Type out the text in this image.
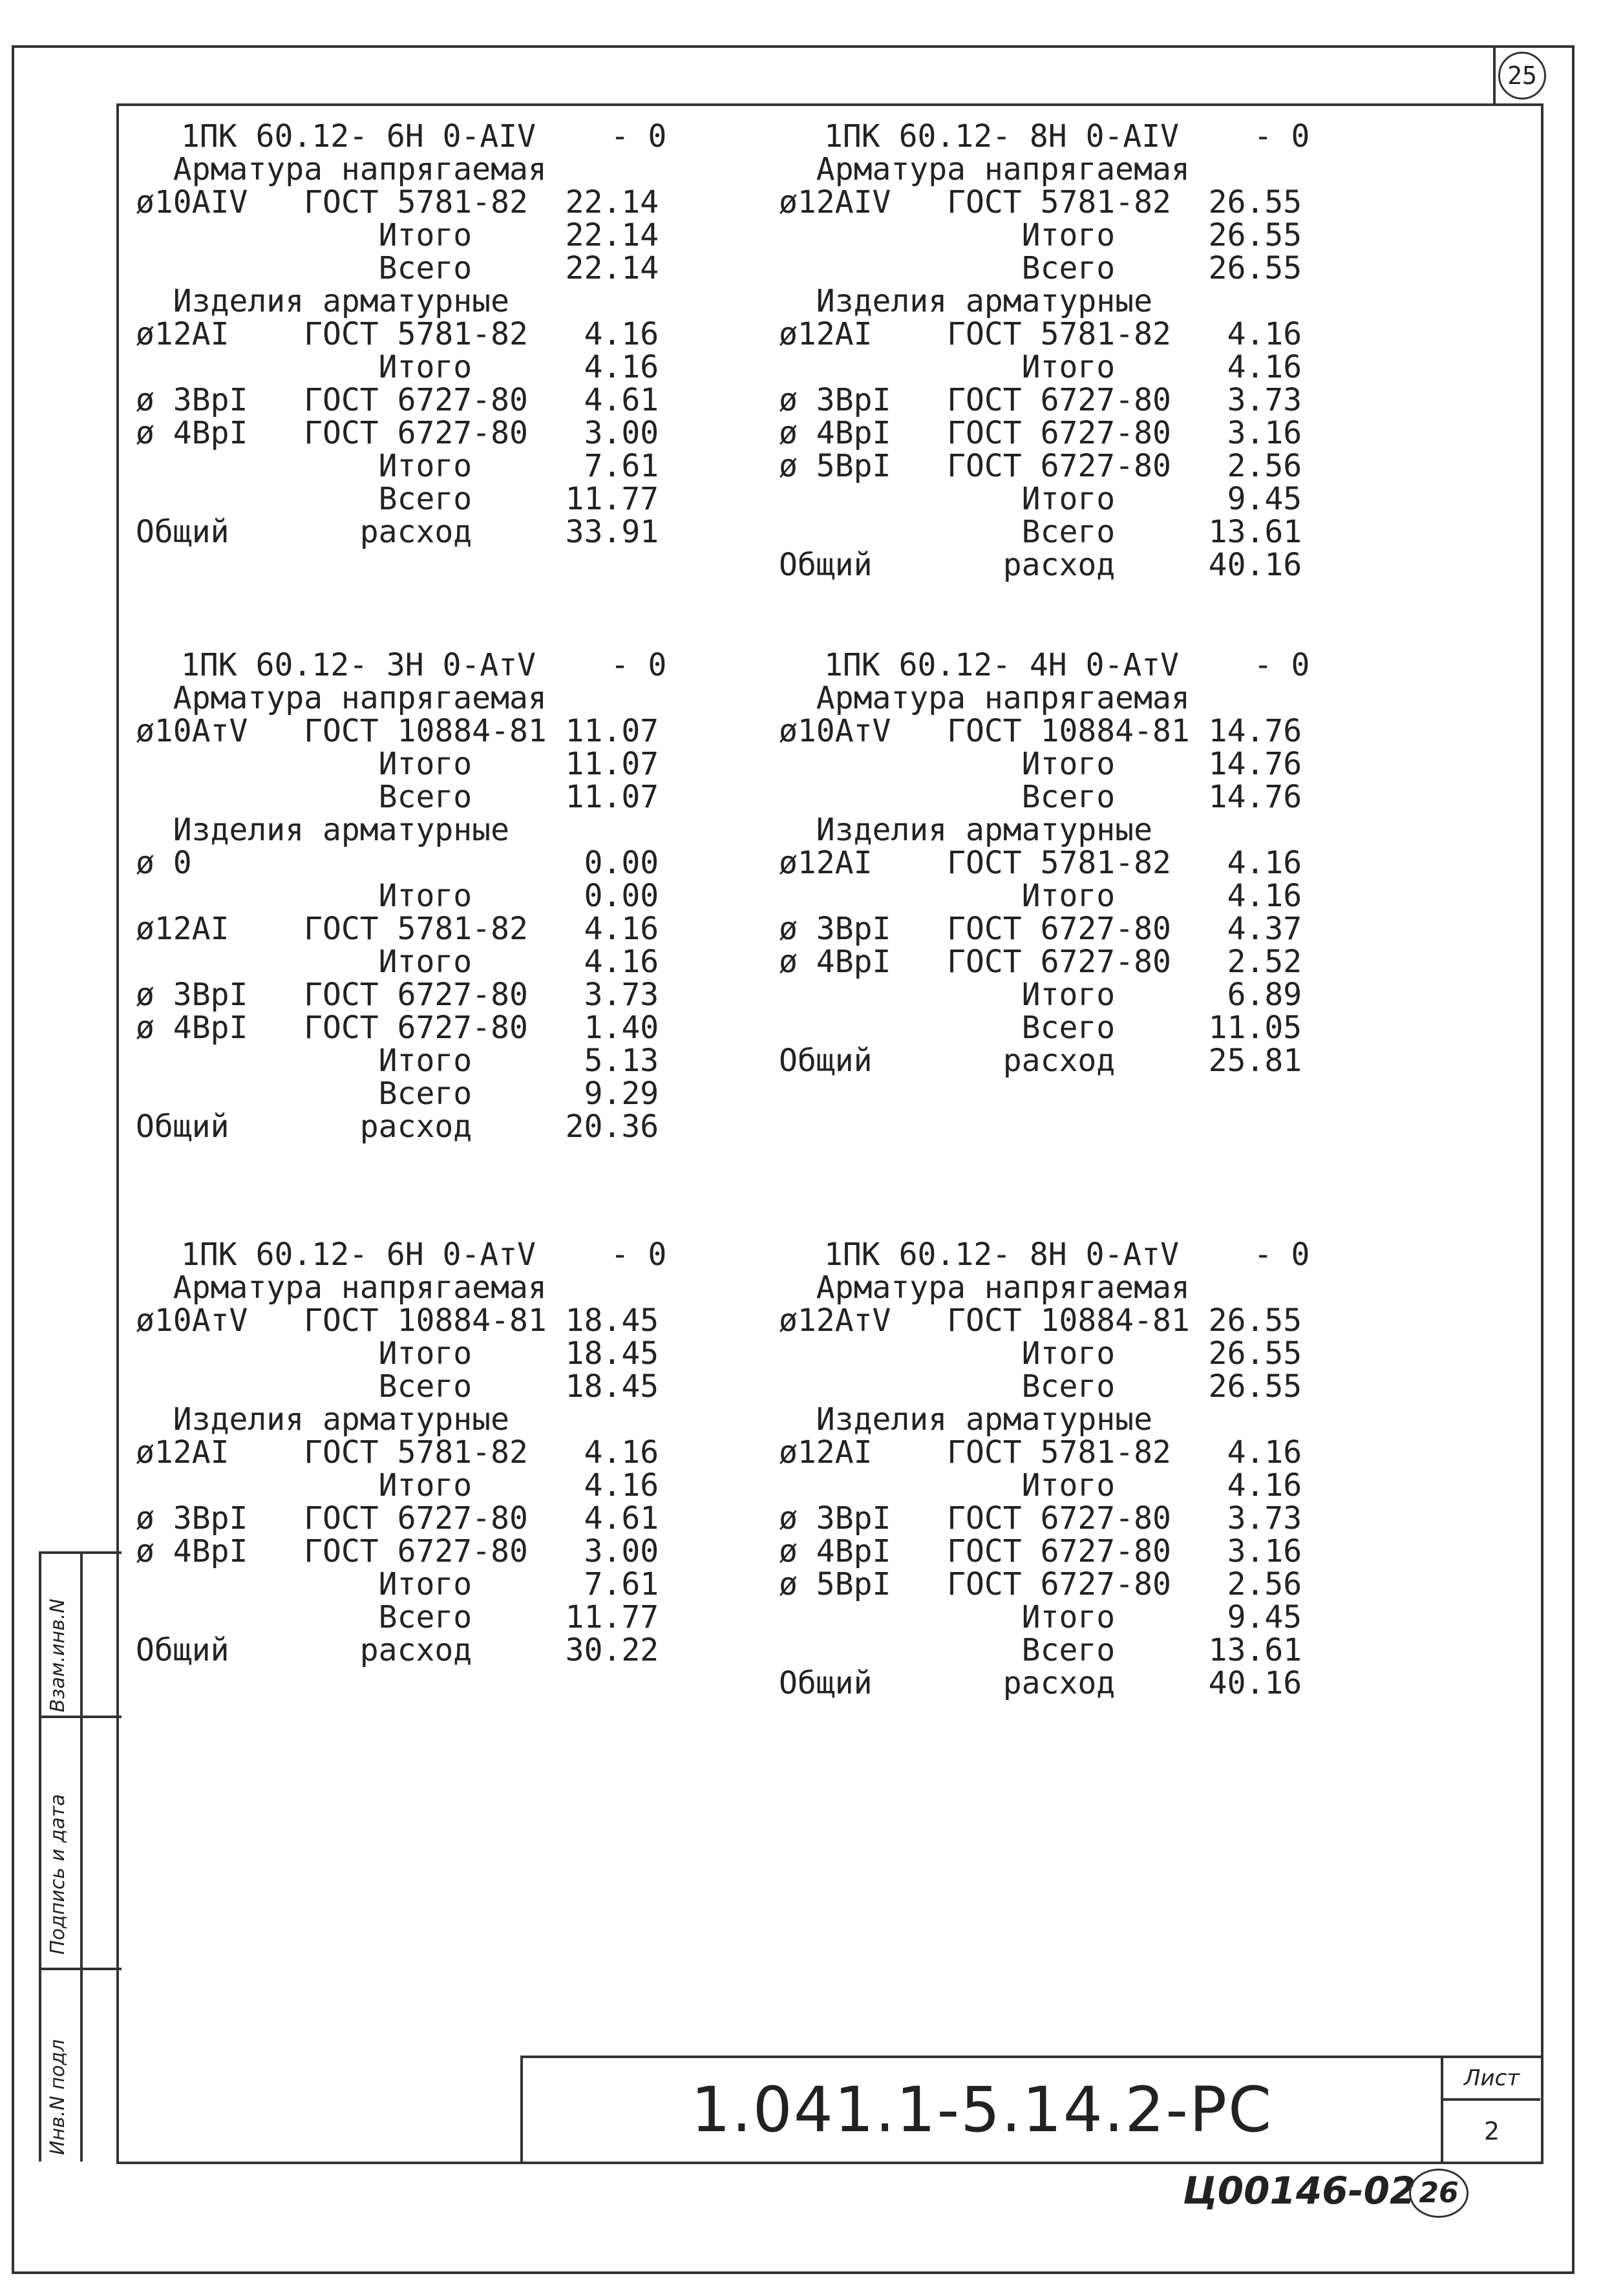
25
1ПК 60.12- 6Н 0-АIV    - 0
Арматура напрягаемая
ø10АIV   ГОСТ 5781-82  22.14
Итого     22.14
Всего     22.14
Изделия арматурные
ø12АI    ГОСТ 5781-82   4.16
Итого      4.16
ø 3ВрI   ГОСТ 6727-80   4.61
ø 4ВрI   ГОСТ 6727-80   3.00
Итого      7.61
Всего     11.77
Общий       расход     33.91
1ПК 60.12- 8Н 0-АIV    - 0
Арматура напрягаемая
ø12АIV   ГОСТ 5781-82  26.55
Итого     26.55
Всего     26.55
Изделия арматурные
ø12АI    ГОСТ 5781-82   4.16
Итого      4.16
ø 3ВрI   ГОСТ 6727-80   3.73
ø 4ВрI   ГОСТ 6727-80   3.16
ø 5ВрI   ГОСТ 6727-80   2.56
Итого      9.45
Всего     13.61
Общий       расход     40.16
1ПК 60.12- 3Н 0-АтV    - 0
Арматура напрягаемая
ø10АтV   ГОСТ 10884-81 11.07
Итого     11.07
Всего     11.07
Изделия арматурные
ø 0                     0.00
Итого      0.00
ø12АI    ГОСТ 5781-82   4.16
Итого      4.16
ø 3ВрI   ГОСТ 6727-80   3.73
ø 4ВрI   ГОСТ 6727-80   1.40
Итого      5.13
Всего      9.29
Общий       расход     20.36
1ПК 60.12- 4Н 0-АтV    - 0
Арматура напрягаемая
ø10АтV   ГОСТ 10884-81 14.76
Итого     14.76
Всего     14.76
Изделия арматурные
ø12АI    ГОСТ 5781-82   4.16
Итого      4.16
ø 3ВрI   ГОСТ 6727-80   4.37
ø 4ВрI   ГОСТ 6727-80   2.52
Итого      6.89
Всего     11.05
Общий       расход     25.81
1ПК 60.12- 6Н 0-АтV    - 0
Арматура напрягаемая
ø10АтV   ГОСТ 10884-81 18.45
Итого     18.45
Всего     18.45
Изделия арматурные
ø12АI    ГОСТ 5781-82   4.16
Итого      4.16
ø 3ВрI   ГОСТ 6727-80   4.61
ø 4ВрI   ГОСТ 6727-80   3.00
Итого      7.61
Всего     11.77
Общий       расход     30.22
1ПК 60.12- 8Н 0-АтV    - 0
Арматура напрягаемая
ø12АтV   ГОСТ 10884-81 26.55
Итого     26.55
Всего     26.55
Изделия арматурные
ø12АI    ГОСТ 5781-82   4.16
Итого      4.16
ø 3ВрI   ГОСТ 6727-80   3.73
ø 4ВрI   ГОСТ 6727-80   3.16
ø 5ВрI   ГОСТ 6727-80   2.56
Итого      9.45
Всего     13.61
Общий       расход     40.16
Инв.N подл
Подпись и дата
Взам.инв.N
1.041.1-5.14.2-РС	Лист
2
Ц00146-02 26
